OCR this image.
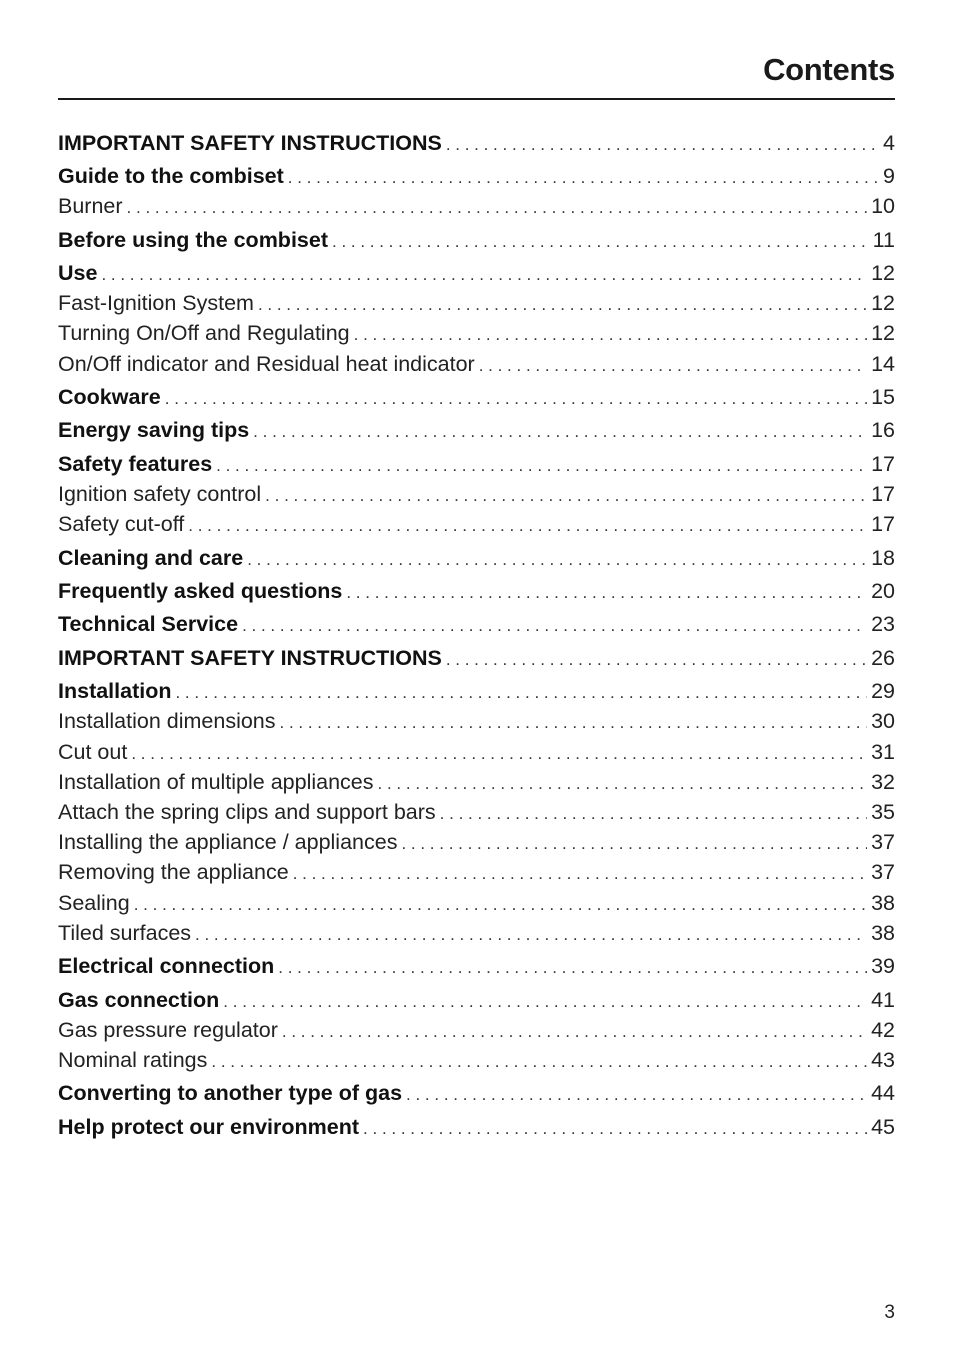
Contents
IMPORTANT SAFETY INSTRUCTIONS . . .	4
Guide to the combiset . . .	9
Burner . . .	10
Before using the combiset . . .	11
Use . . .	12
Fast-Ignition System . . .	12
Turning On/Off and Regulating . . .	12
On/Off indicator and Residual heat indicator . . .	14
Cookware . . .	15
Energy saving tips . . .	16
Safety features . . .	17
Ignition safety control . . .	17
Safety cut-off . . .	17
Cleaning and care . . .	18
Frequently asked questions . . .	20
Technical Service . . .	23
IMPORTANT SAFETY INSTRUCTIONS . . .	26
Installation . . .	29
Installation dimensions . . .	30
Cut out . . .	31
Installation of multiple appliances . . .	32
Attach the spring clips and support bars . . .	35
Installing the appliance / appliances . . .	37
Removing the appliance . . .	37
Sealing . . .	38
Tiled surfaces . . .	38
Electrical connection . . .	39
Gas connection . . .	41
Gas pressure regulator . . .	42
Nominal ratings . . .	43
Converting to another type of gas . . .	44
Help protect our environment . . .	45
3
